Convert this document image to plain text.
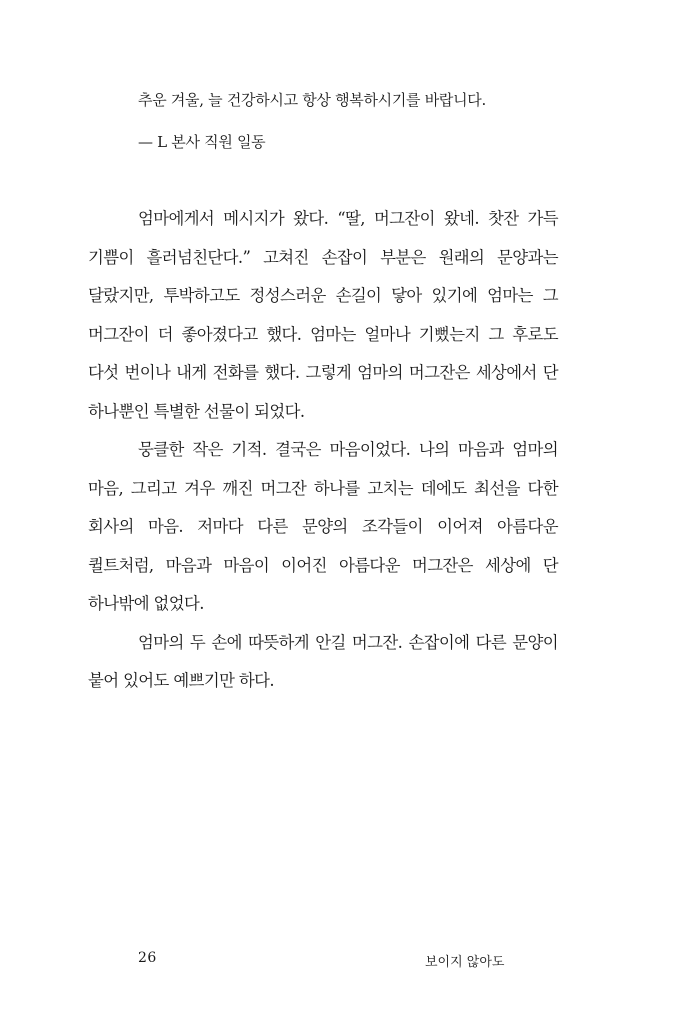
추운 겨울, 늘 건강하시고 항상 행복하시기를 바랍니다.
— L 본사 직원 일동

엄마에게서 메시지가 왔다. “딸, 머그잔이 왔네. 찻잔 가득 기쁨이 흘러넘친단다.” 고쳐진 손잡이 부분은 원래의 문양과는 달랐지만, 투박하고도 정성스러운 손길이 닿아 있기에 엄마는 그 머그잔이 더 좋아졌다고 했다. 엄마는 얼마나 기뻤는지 그 후로도 다섯 번이나 내게 전화를 했다. 그렇게 엄마의 머그잔은 세상에서 단 하나뿐인 특별한 선물이 되었다.

뭉클한 작은 기적. 결국은 마음이었다. 나의 마음과 엄마의 마음, 그리고 겨우 깨진 머그잔 하나를 고치는 데에도 최선을 다한 회사의 마음. 저마다 다른 문양의 조각들이 이어져 아름다운 퀼트처럼, 마음과 마음이 이어진 아름다운 머그잔은 세상에 단 하나밖에 없었다.

엄마의 두 손에 따뜻하게 안길 머그잔. 손잡이에 다른 문양이 붙어 있어도 예쁘기만 하다.

26	보이지 않아도
